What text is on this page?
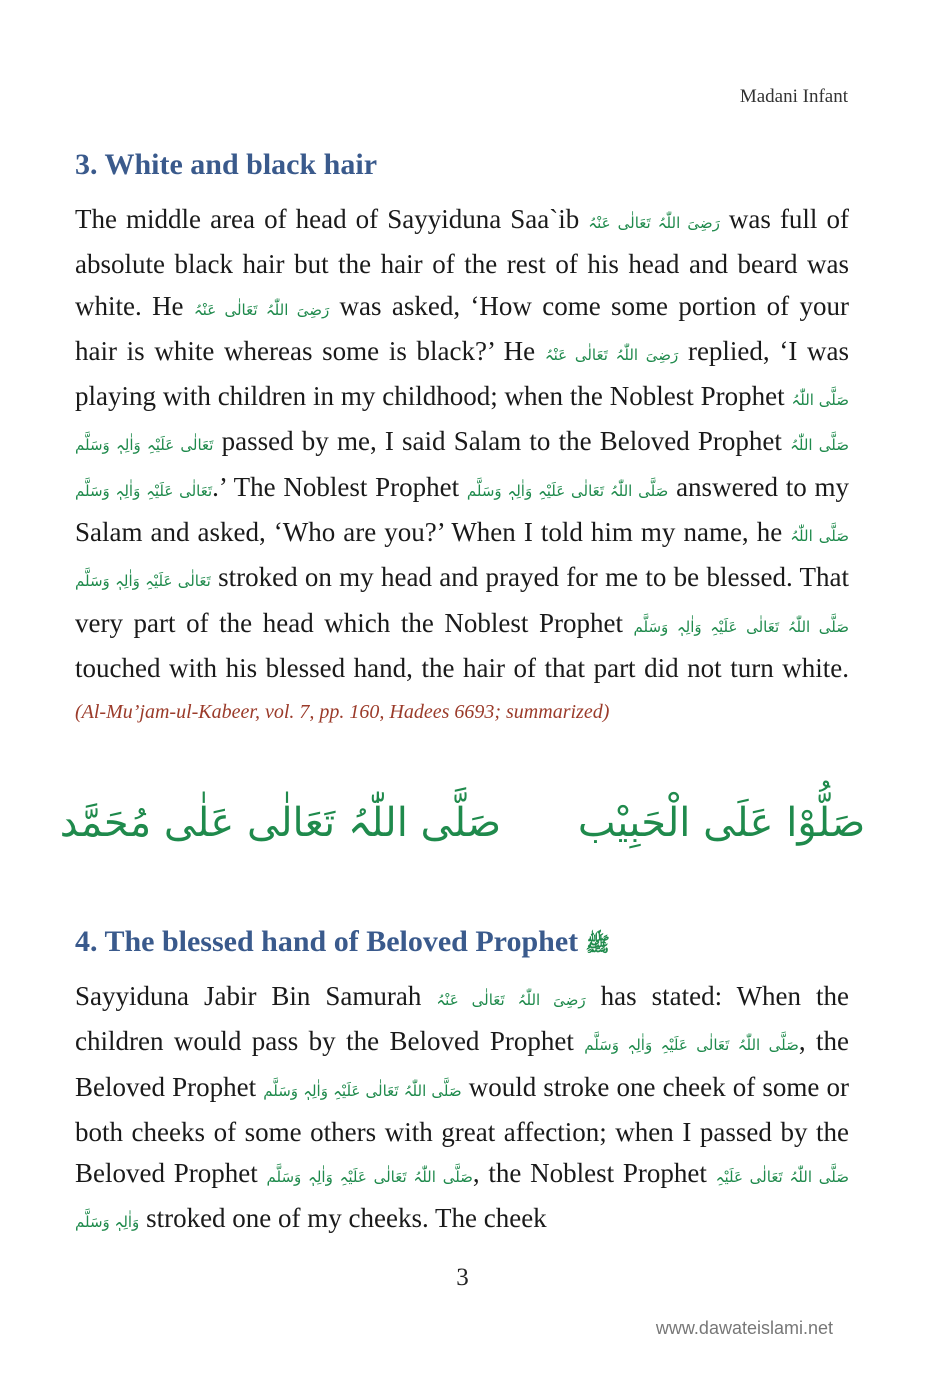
Madani Infant
3. White and black hair

The middle area of head of Sayyiduna Saa`ib رَضِیَ اللّٰہُ تَعَالٰی عَنْہُ was full of absolute black hair but the hair of the rest of his head and beard was white. He رَضِیَ اللّٰہُ تَعَالٰی عَنْہُ was asked, ‘How come some portion of your hair is white whereas some is black?’ He رَضِیَ اللّٰہُ تَعَالٰی عَنْہُ replied, ‘I was playing with children in my childhood; when the Noblest Prophet صَلَّی اللّٰہُ تَعَالٰی عَلَیْہِ وَاٰلِہٖ وَسَلَّم passed by me, I said Salam to the Beloved Prophet صَلَّی اللّٰہُ تَعَالٰی عَلَیْہِ وَاٰلِہٖ وَسَلَّم.’ The Noblest Prophet صَلَّی اللّٰہُ تَعَالٰی عَلَیْہِ وَاٰلِہٖ وَسَلَّم answered to my Salam and asked, ‘Who are you?’ When I told him my name, he صَلَّی اللّٰہُ تَعَالٰی عَلَیْہِ وَاٰلِہٖ وَسَلَّم stroked on my head and prayed for me to be blessed. That very part of the head which the Noblest Prophet صَلَّی اللّٰہُ تَعَالٰی عَلَیْہِ وَاٰلِہٖ وَسَلَّم touched with his blessed hand, the hair of that part did not turn white. (Al-Mu’jam-ul-Kabeer, vol. 7, pp. 160, Hadees 6693; summarized)

صَلُّوْا عَلَی الْحَبِیْب صَلَّی اللّٰہُ تَعَالٰی عَلٰی مُحَمَّد
4. The blessed hand of Beloved Prophet ﷺ

Sayyiduna Jabir Bin Samurah رَضِیَ اللّٰہُ تَعَالٰی عَنْہُ has stated: When the children would pass by the Beloved Prophet صَلَّی اللّٰہُ تَعَالٰی عَلَیْہِ وَاٰلِہٖ وَسَلَّم, the Beloved Prophet صَلَّی اللّٰہُ تَعَالٰی عَلَیْہِ وَاٰلِہٖ وَسَلَّم would stroke one cheek of some or both cheeks of some others with great affection; when I passed by the Beloved Prophet صَلَّی اللّٰہُ تَعَالٰی عَلَیْہِ وَاٰلِہٖ وَسَلَّم, the Noblest Prophet صَلَّی اللّٰہُ تَعَالٰی عَلَیْہِ وَاٰلِہٖ وَسَلَّم stroked one of my cheeks. The cheek

3
www.dawateislami.net
